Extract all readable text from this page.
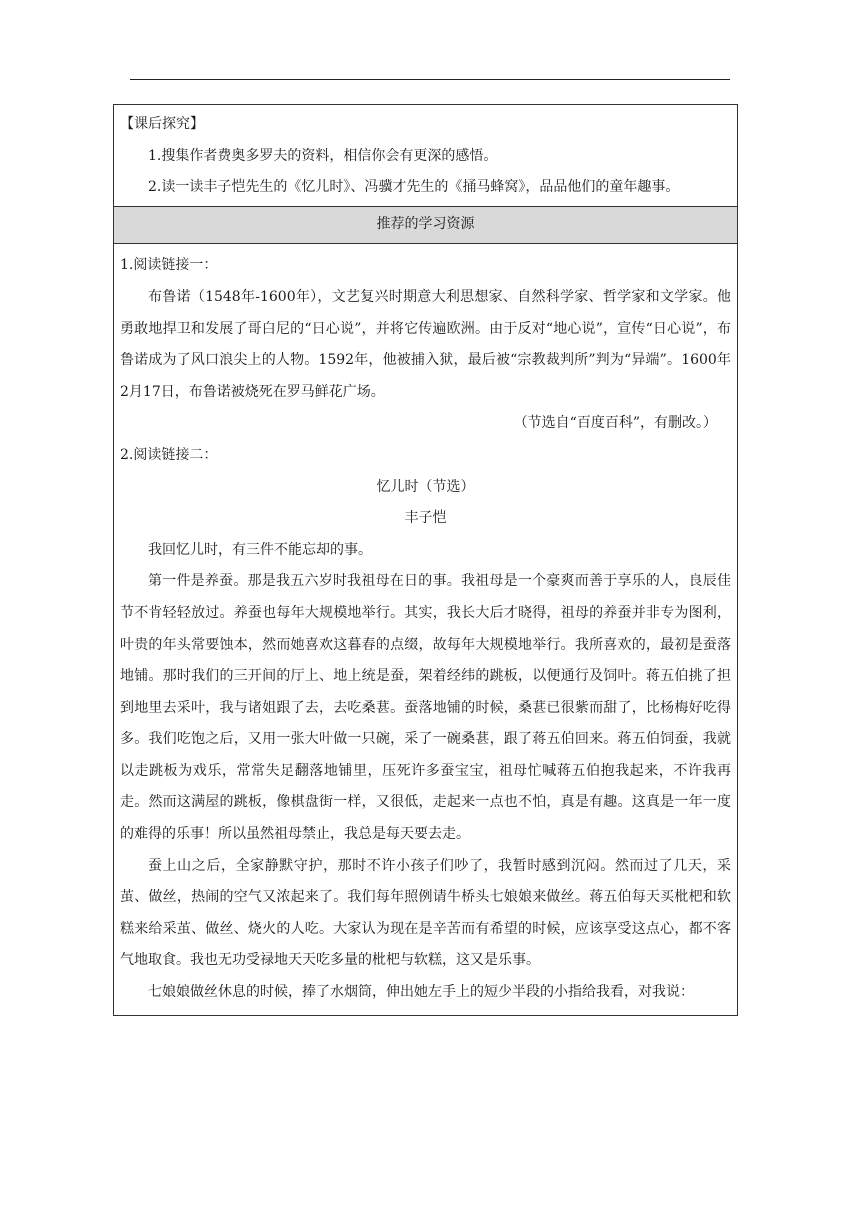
【课后探究】

1.搜集作者费奥多罗夫的资料，相信你会有更深的感悟。

2.读一读丰子恺先生的《忆儿时》、冯骥才先生的《捅马蜂窝》，品品他们的童年趣事。

推荐的学习资源

1.阅读链接一：

布鲁诺（1548年-1600年），文艺复兴时期意大利思想家、自然科学家、哲学家和文学家。他勇敢地捍卫和发展了哥白尼的“日心说”，并将它传遍欧洲。由于反对“地心说”，宣传“日心说”，布鲁诺成为了风口浪尖上的人物。1592年，他被捕入狱，最后被“宗教裁判所”判为“异端”。1600年2月17日，布鲁诺被烧死在罗马鲜花广场。

（节选自“百度百科”，有删改。）

2.阅读链接二：

忆儿时（节选）

丰子恺

我回忆儿时，有三件不能忘却的事。

第一件是养蚕。那是我五六岁时我祖母在日的事。我祖母是一个豪爽而善于享乐的人，良辰佳节不肯轻轻放过。养蚕也每年大规模地举行。其实，我长大后才晓得，祖母的养蚕并非专为图利，叶贵的年头常要蚀本，然而她喜欢这暮春的点缀，故每年大规模地举行。我所喜欢的，最初是蚕落地铺。那时我们的三开间的厅上、地上统是蚕，架着经纬的跳板，以便通行及饲叶。蒋五伯挑了担到地里去采叶，我与诸姐跟了去，去吃桑葚。蚕落地铺的时候，桑葚已很紫而甜了，比杨梅好吃得多。我们吃饱之后，又用一张大叶做一只碗，采了一碗桑葚，跟了蒋五伯回来。蒋五伯饲蚕，我就以走跳板为戏乐，常常失足翻落地铺里，压死许多蚕宝宝，祖母忙喊蒋五伯抱我起来，不许我再走。然而这满屋的跳板，像棋盘街一样，又很低，走起来一点也不怕，真是有趣。这真是一年一度的难得的乐事！所以虽然祖母禁止，我总是每天要去走。

蚕上山之后，全家静默守护，那时不许小孩子们吵了，我暂时感到沉闷。然而过了几天，采茧、做丝，热闹的空气又浓起来了。我们每年照例请牛桥头七娘娘来做丝。蒋五伯每天买枇杷和软糕来给采茧、做丝、烧火的人吃。大家认为现在是辛苦而有希望的时候，应该享受这点心，都不客气地取食。我也无功受禄地天天吃多量的枇杷与软糕，这又是乐事。

七娘娘做丝休息的时候，捧了水烟筒，伸出她左手上的短少半段的小指给我看，对我说：
